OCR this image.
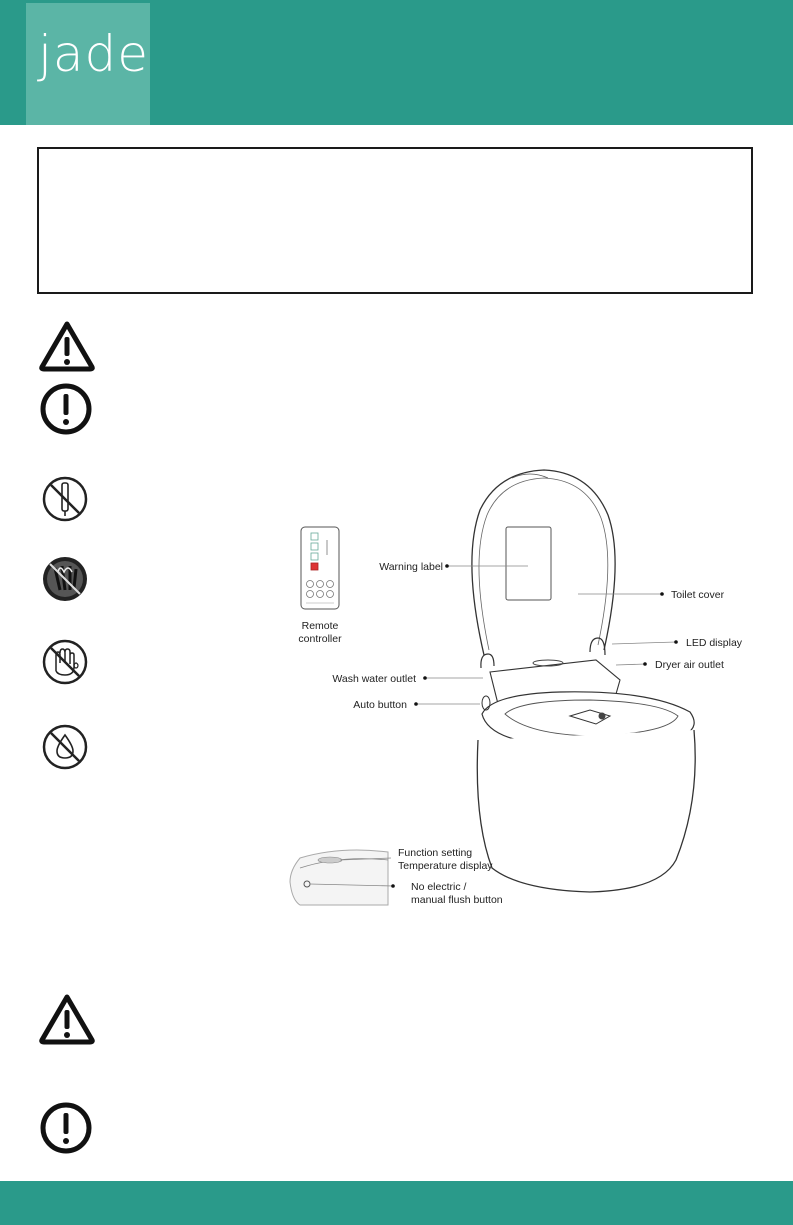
jade
Remote
controller
Warning label
Toilet cover
LED display
Dryer air outlet
Wash water outlet
Auto button
Function setting
Temperature display
No electric /
manual flush button
